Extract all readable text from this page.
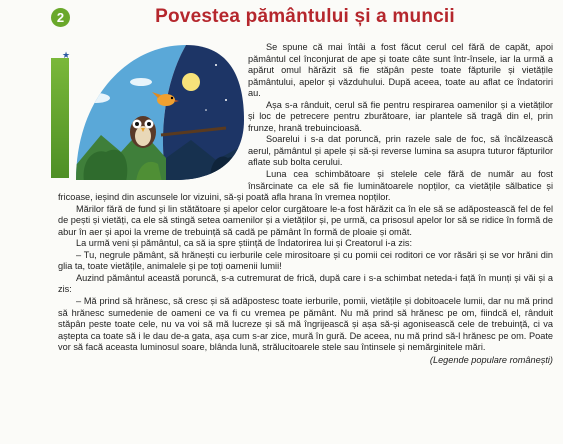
2	Povestea pământului și a muncii
★

Se spune că mai întâi a fost făcut cerul cel fără de capăt, apoi pământul cel înconjurat de ape și toate câte sunt într-însele, iar la urmă a apărut omul hărăzit să fie stăpân peste toate făpturile și vietățile pământului, apelor și văzduhului. După aceea, toate au aflat ce îndatoriri au.

Așa s-a rânduit, cerul să fie pentru respirarea oamenilor și a vietăților și loc de petrecere pentru zburătoare, iar plantele să tragă din el, prin frunze, hrană trebuincioasă.

Soarelui i s-a dat poruncă, prin razele sale de foc, să încălzească aerul, pământul și apele și să-și reverse lumina sa asupra tuturor făpturilor aflate sub bolta cerului.

Luna cea schimbătoare și stelele cele fără de număr au fost însărcinate ca ele să fie luminătoarele nopților, ca vietățile sălbatice și fricoase, ieșind din ascunsele lor vizuini, să-și poată afla hrana în vremea nopților.

Mărilor fără de fund și lin stătătoare și apelor celor curgătoare le-a fost hărăzit ca în ele să se adăpostească fel de fel de pești și vietăți, ca ele să stingă setea oamenilor și a vietăților și, pe urmă, ca prisosul apelor lor să se ridice în formă de abur în aer și apoi la vreme de trebuință să cadă pe pământ în formă de ploaie și omăt.

La urmă veni și pământul, ca să ia spre știință de îndatorirea lui și Creatorul i-a zis:

– Tu, negrule pământ, să hrănești cu ierburile cele mirositoare și cu pomii cei roditori ce vor răsări și se vor hrăni din glia ta, toate vietățile, animalele și pe toți oamenii lumii!

Auzind pământul această poruncă, s-a cutremurat de frică, după care i s-a schimbat neteda-i față în munți și văi și a zis:

– Mă prind să hrănesc, să cresc și să adăpostesc toate ierburile, pomii, vietățile și dobitoacele lumii, dar nu mă prind să hrănesc sumedenie de oameni ce va fi cu vremea pe pământ. Nu mă prind să hrănesc pe om, fiindcă el, rânduit stăpân peste toate cele, nu va voi să mă lucreze și să mă îngrijească și așa să-și agonisească cele de trebuință, ci va aștepta ca toate să i le dau de-a gata, așa cum s-ar zice, mură în gură. De aceea, nu mă prind să-l hrănesc pe om. Poate vor să facă aceasta luminosul soare, blânda lună, strălucitoarele stele sau întinsele și nemărginitele mări.

(Legende populare românești)
